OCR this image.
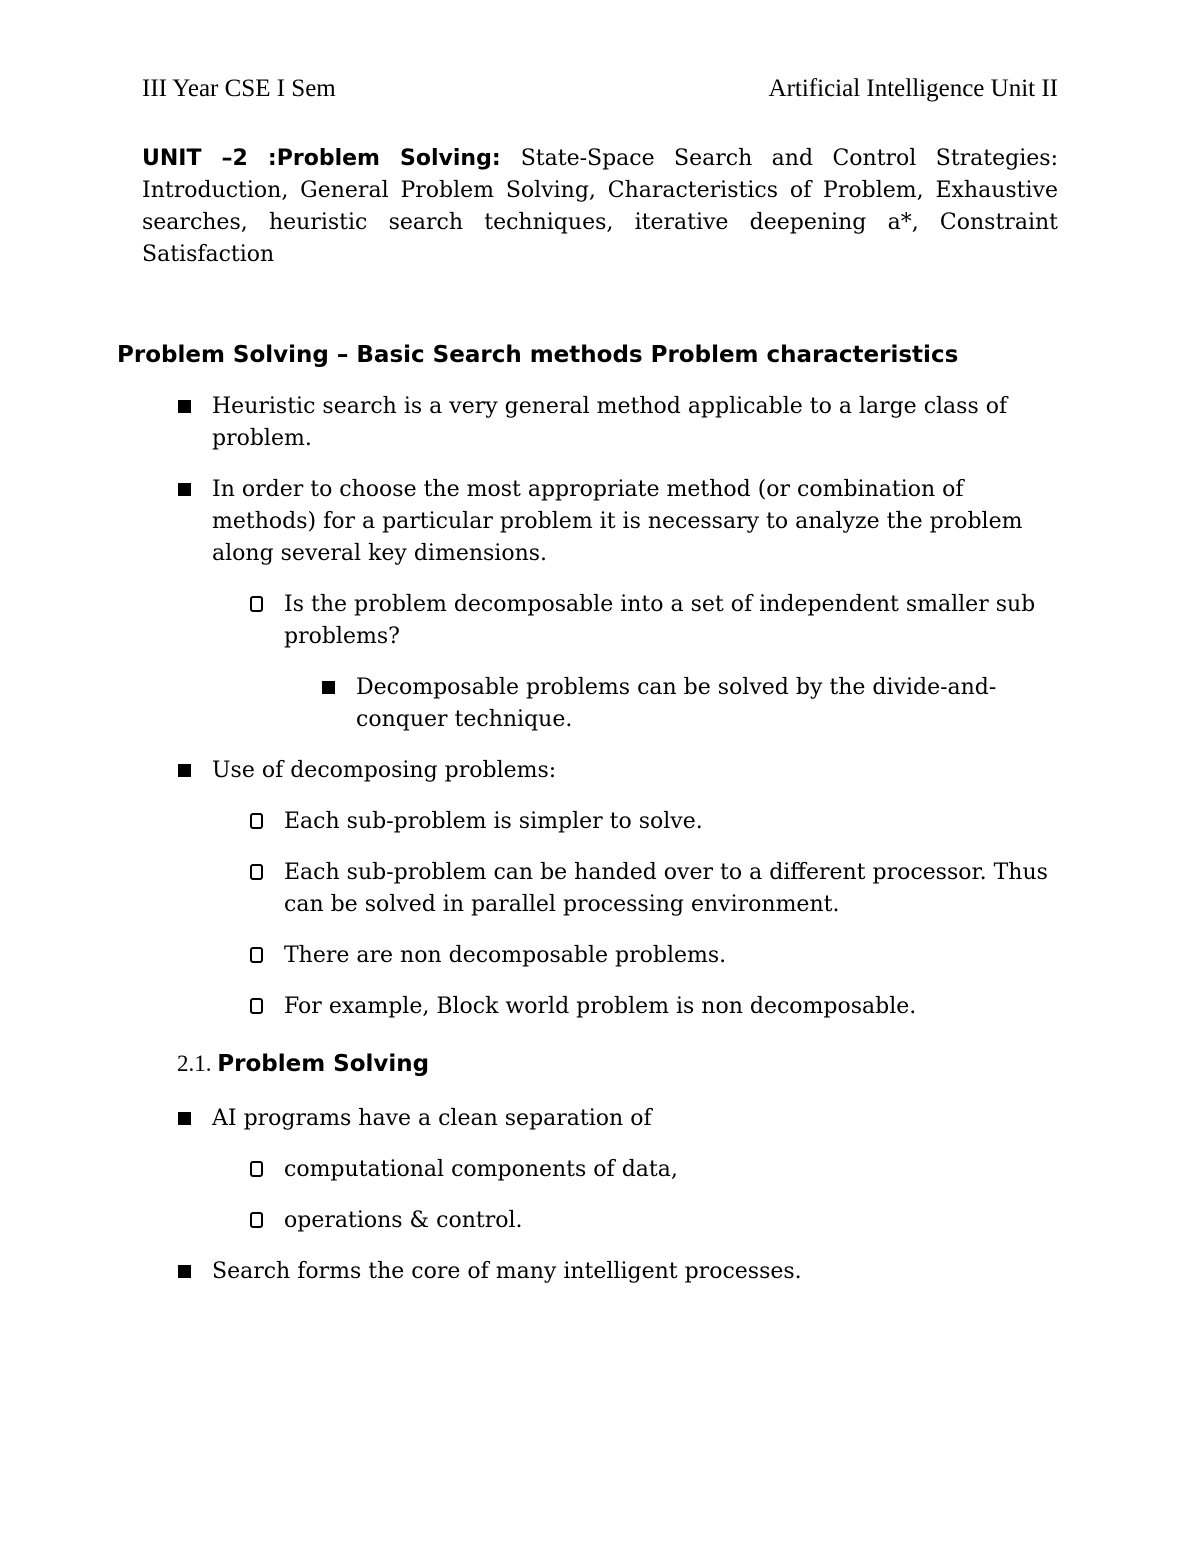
III Year CSE I Sem	Artificial Intelligence Unit II

UNIT –2 :Problem Solving: State-Space Search and Control Strategies: Introduction, General Problem Solving, Characteristics of Problem, Exhaustive searches, heuristic search techniques, iterative deepening a*, Constraint Satisfaction

Problem Solving – Basic Search methods Problem characteristics
Heuristic search is a very general method applicable to a large class of problem.
In order to choose the most appropriate method (or combination of methods) for a particular problem it is necessary to analyze the problem along several key dimensions.
Is the problem decomposable into a set of independent smaller sub problems?
Decomposable problems can be solved by the divide-and-conquer technique.
Use of decomposing problems:
Each sub-problem is simpler to solve.
Each sub-problem can be handed over to a different processor. Thus can be solved in parallel processing environment.
There are non decomposable problems.
For example, Block world problem is non decomposable.
2.1. Problem Solving
AI programs have a clean separation of
computational components of data,
operations & control.
Search forms the core of many intelligent processes.
